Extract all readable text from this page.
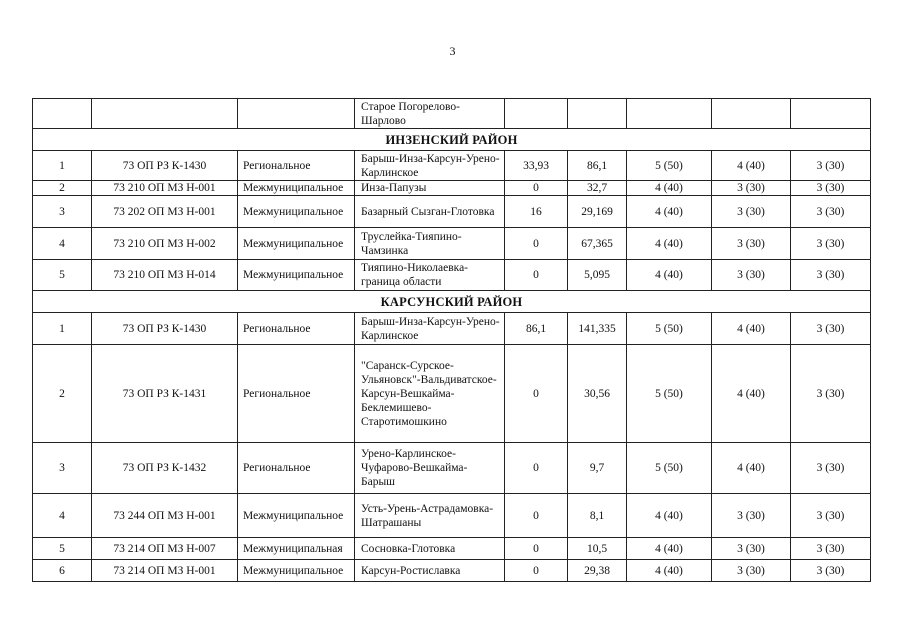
3
			Старое Погорелово-Шарлово					
ИНЗЕНСКИЙ РАЙОН								
1	73 ОП РЗ К-1430	Региональное	Барыш-Инза-Карсун-Урено-Карлинское	33,93	86,1	5 (50)	4 (40)	3 (30)
2	73 210 ОП МЗ Н-001	Межмуниципальное	Инза-Папузы	0	32,7	4 (40)	3 (30)	3 (30)
3	73 202 ОП МЗ Н-001	Межмуниципальное	Базарный Сызган-Глотовка	16	29,169	4 (40)	3 (30)	3 (30)
4	73 210 ОП МЗ Н-002	Межмуниципальное	Труслейка-Тияпино-Чамзинка	0	67,365	4 (40)	3 (30)	3 (30)
5	73 210 ОП МЗ Н-014	Межмуниципальное	Тияпино-Николаевка-граница области	0	5,095	4 (40)	3 (30)	3 (30)
КАРСУНСКИЙ РАЙОН								
1	73 ОП РЗ К-1430	Региональное	Барыш-Инза-Карсун-Урено-Карлинское	86,1	141,335	5 (50)	4 (40)	3 (30)
2	73 ОП РЗ К-1431	Региональное	"Саранск-Сурское-Ульяновск"-Вальдиватское-Карсун-Вешкайма-Беклемишево-Старотимошкино	0	30,56	5 (50)	4 (40)	3 (30)
3	73 ОП РЗ К-1432	Региональное	Урено-Карлинское-Чуфарово-Вешкайма-Барыш	0	9,7	5 (50)	4 (40)	3 (30)
4	73 244 ОП МЗ Н-001	Межмуниципальное	Усть-Урень-Астрадамовка-Шатрашаны	0	8,1	4 (40)	3 (30)	3 (30)
5	73 214 ОП МЗ Н-007	Межмуниципальная	Сосновка-Глотовка	0	10,5	4 (40)	3 (30)	3 (30)
6	73 214 ОП МЗ Н-001	Межмуниципальное	Карсун-Ростиславка	0	29,38	4 (40)	3 (30)	3 (30)
